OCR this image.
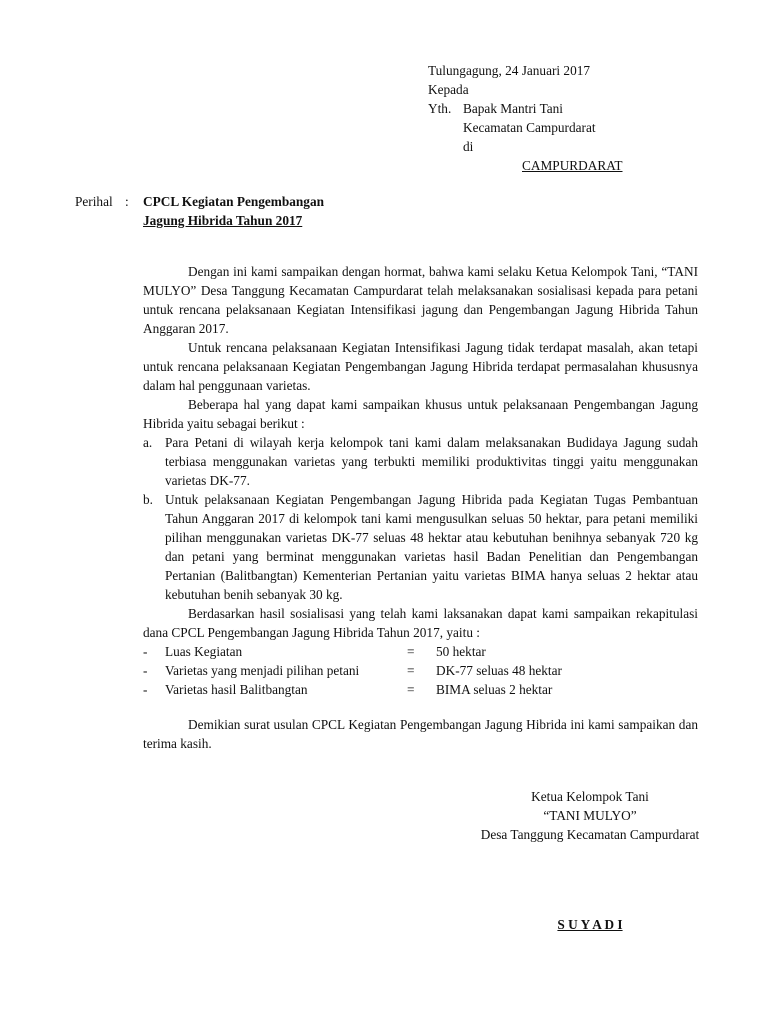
Tulungagung, 24 Januari 2017
Kepada
Yth. Bapak Mantri Tani
Kecamatan Campurdarat
di
CAMPURDARAT
Perihal : CPCL Kegiatan Pengembangan
Jagung Hibrida Tahun 2017
Dengan ini kami sampaikan dengan hormat, bahwa kami selaku Ketua Kelompok Tani, “TANI MULYO” Desa Tanggung Kecamatan Campurdarat telah melaksanakan sosialisasi kepada para petani untuk rencana pelaksanaan Kegiatan Intensifikasi jagung dan Pengembangan Jagung Hibrida Tahun Anggaran 2017.
Untuk rencana pelaksanaan Kegiatan Intensifikasi Jagung tidak terdapat masalah, akan tetapi untuk rencana pelaksanaan Kegiatan Pengembangan Jagung Hibrida terdapat permasalahan khususnya dalam hal penggunaan varietas.
Beberapa hal yang dapat kami sampaikan khusus untuk pelaksanaan Pengembangan Jagung Hibrida yaitu sebagai berikut :
a. Para Petani di wilayah kerja kelompok tani kami dalam melaksanakan Budidaya Jagung sudah terbiasa menggunakan varietas yang terbukti memiliki produktivitas tinggi yaitu menggunakan varietas DK-77.
b. Untuk pelaksanaan Kegiatan Pengembangan Jagung Hibrida pada Kegiatan Tugas Pembantuan Tahun Anggaran 2017 di kelompok tani kami mengusulkan seluas 50 hektar, para petani memiliki pilihan menggunakan varietas DK-77 seluas 48 hektar atau kebutuhan benihnya sebanyak 720 kg dan petani yang berminat menggunakan varietas hasil Badan Penelitian dan Pengembangan Pertanian (Balitbangtan) Kementerian Pertanian yaitu varietas BIMA hanya seluas 2 hektar atau kebutuhan benih sebanyak 30 kg.
Berdasarkan hasil sosialisasi yang telah kami laksanakan dapat kami sampaikan rekapitulasi dana CPCL Pengembangan Jagung Hibrida Tahun 2017, yaitu :
- Luas Kegiatan	= 50 hektar
- Varietas yang menjadi pilihan petani	= DK-77 seluas 48 hektar
- Varietas hasil Balitbangtan	= BIMA seluas 2 hektar
Demikian surat usulan CPCL Kegiatan Pengembangan Jagung Hibrida ini kami sampaikan dan terima kasih.
Ketua Kelompok Tani
“TANI MULYO”
Desa Tanggung Kecamatan Campurdarat
S U Y A D I
